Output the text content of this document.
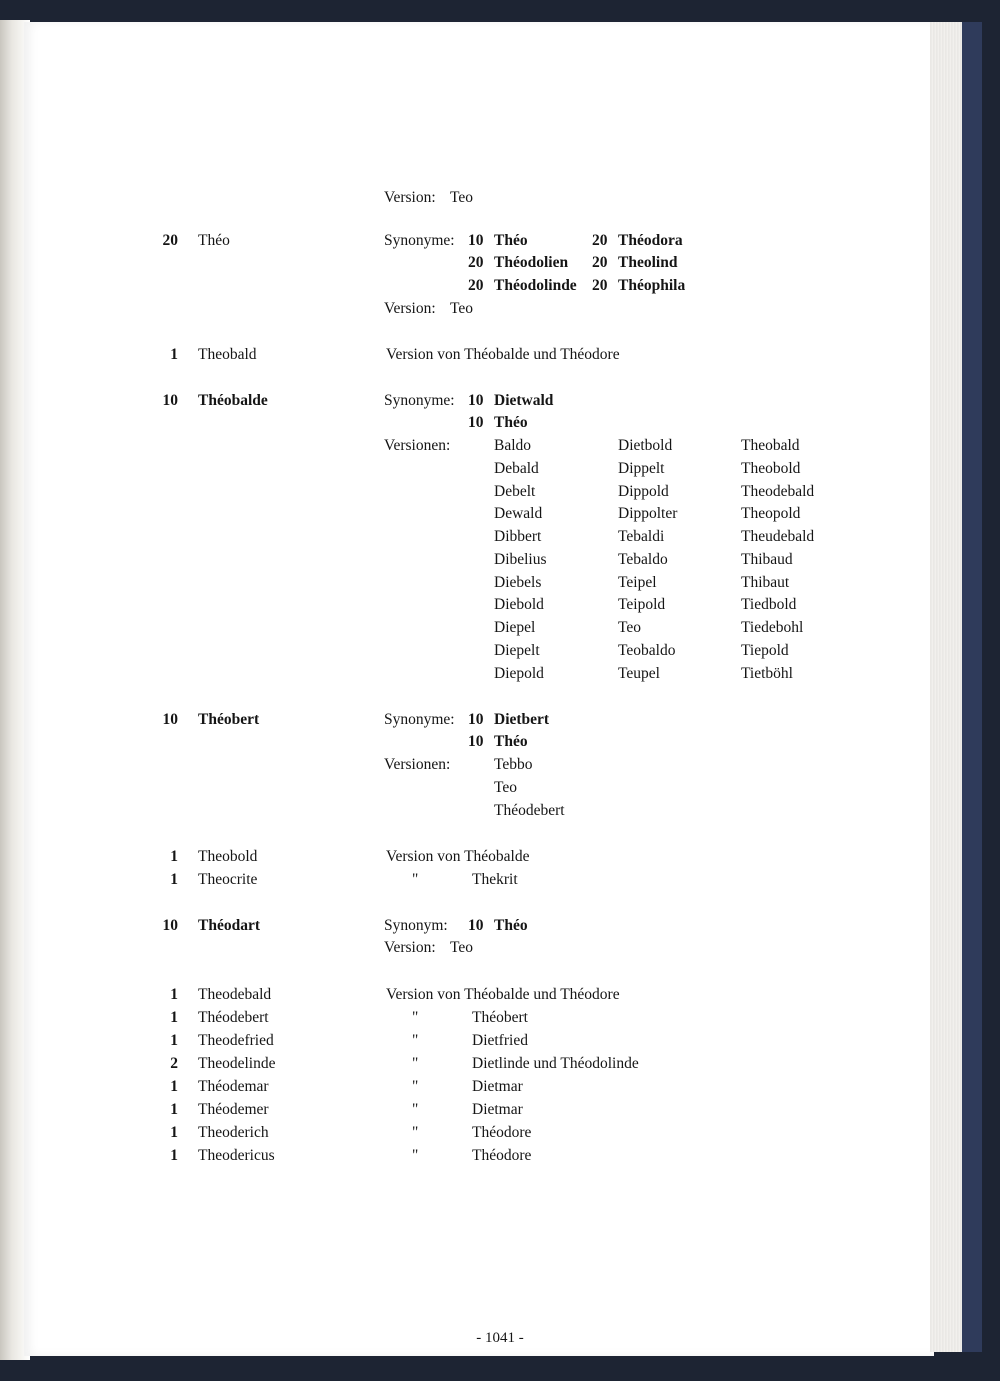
Version: Teo
20 Théo	Synonyme: 10 Théo	20 Théodora
20 Théodolien 20 Theolind
20 Théodolinde 20 Théophila
Version: Teo
1 Theobald	Version von Théobalde und Théodore
10 Théobalde	Synonyme: 10 Dietwald
10 Théo
Versionen:	Baldo	Dietbold	Theobald
Debald	Dippelt	Theobold
Debelt	Dippold	Theodebald
Dewald	Dippolter	Theopold
Dibbert	Tebaldi	Theudebald
Dibelius	Tebaldo	Thibaud
Diebels	Teipel	Thibaut
Diebold	Teipold	Tiedbold
Diepel	Teo	Tiedebohl
Diepelt	Teobaldo	Tiepold
Diepold	Teupel	Tietböhl
10 Théobert	Synonyme: 10 Dietbert
10 Théo
Versionen:	Tebbo
Teo
Théodebert
1 Theobold	Version von Théobalde
1 Theocrite	"	Thekrit
10 Théodart	Synonym: 10 Théo
Version: Teo
1 Theodebald	Version von Théobalde und Théodore
1 Théodebert	"	Théobert
1 Theodefried	"	Dietfried
2 Theodelinde	"	Dietlinde und Théodolinde
1 Théodemar	"	Dietmar
1 Théodemer	"	Dietmar
1 Theoderich	"	Théodore
1 Theodericus	"	Théodore
- 1041 -
